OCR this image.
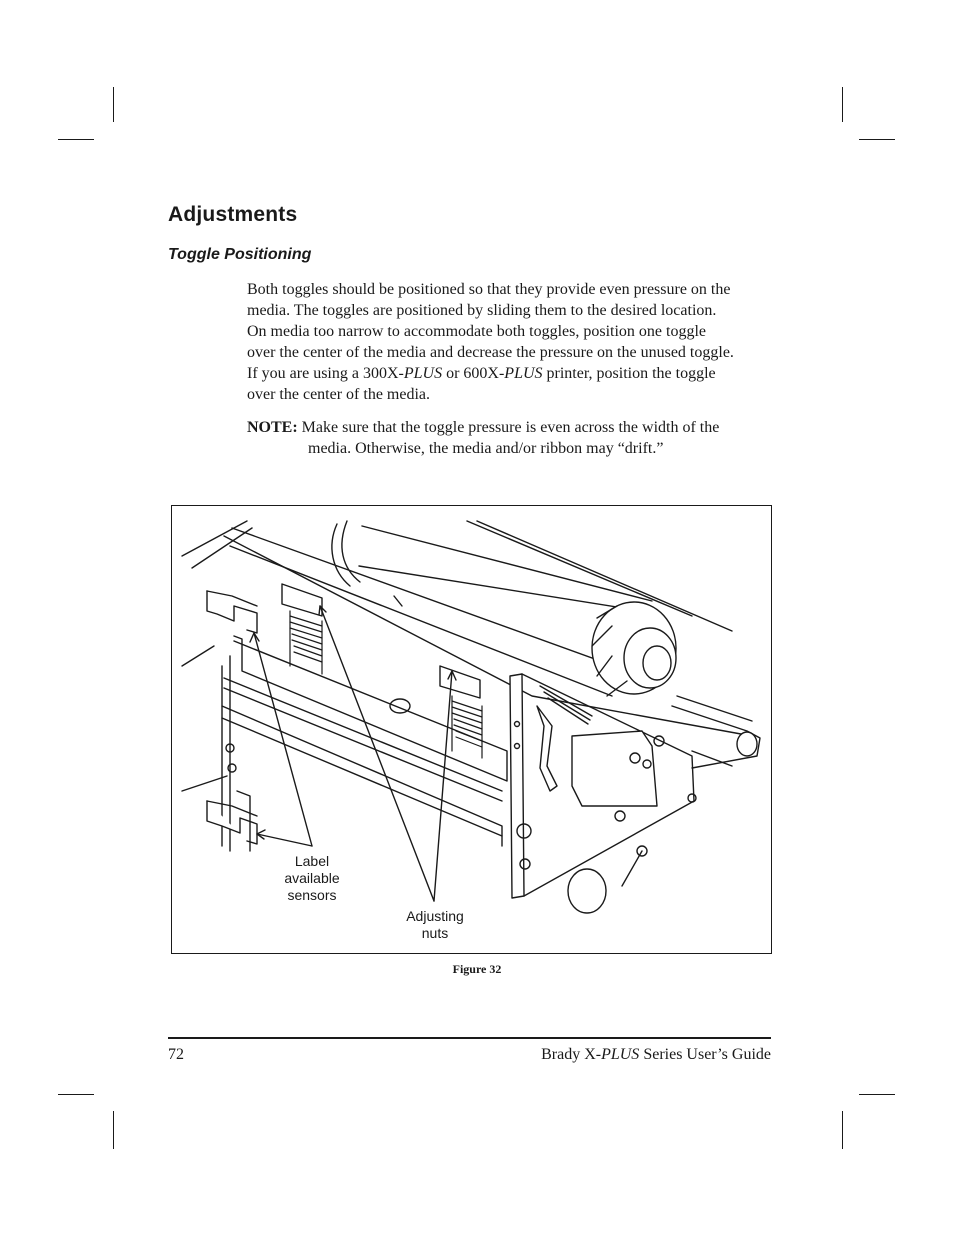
Adjustments
Toggle Positioning

Both toggles should be positioned so that they provide even pressure on the

media. The toggles are positioned by sliding them to the desired location.

On media too narrow to accommodate both toggles, position one toggle

over the center of the media and decrease the pressure on the unused toggle.

If you are using a 300X-PLUS or 600X-PLUS printer, position the toggle

over the center of the media.

NOTE: Make sure that the toggle pressure is even across the width of the
media. Otherwise, the media and/or ribbon may “drift.”
Label
available
sensors
Adjusting
nuts
Figure 32
72	Brady X-PLUS Series User’s Guide
